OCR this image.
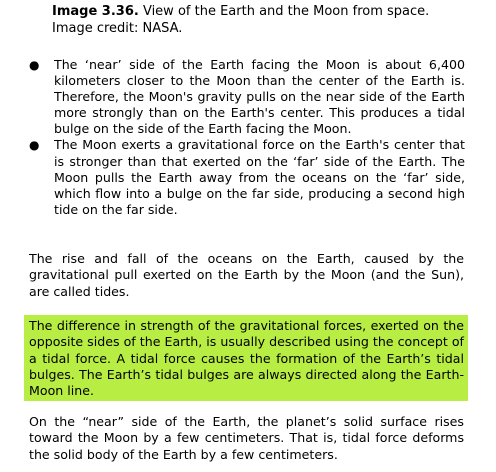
Image 3.36. View of the Earth and the Moon from space. Image credit: NASA.
● The ‘near’ side of the Earth facing the Moon is about 6,400 kilometers closer to the Moon than the center of the Earth is. Therefore, the Moon's gravity pulls on the near side of the Earth more strongly than on the Earth's center. This produces a tidal bulge on the side of the Earth facing the Moon.
● The Moon exerts a gravitational force on the Earth's center that is stronger than that exerted on the ‘far’ side of the Earth. The Moon pulls the Earth away from the oceans on the ‘far’ side, which flow into a bulge on the far side, producing a second high tide on the far side.

The rise and fall of the oceans on the Earth, caused by the gravitational pull exerted on the Earth by the Moon (and the Sun), are called tides.

The difference in strength of the gravitational forces, exerted on the opposite sides of the Earth, is usually described using the concept of a tidal force. A tidal force causes the formation of the Earth’s tidal bulges. The Earth’s tidal bulges are always directed along the Earth-Moon line.

On the “near” side of the Earth, the planet’s solid surface rises toward the Moon by a few centimeters. That is, tidal force deforms the solid body of the Earth by a few centimeters.
